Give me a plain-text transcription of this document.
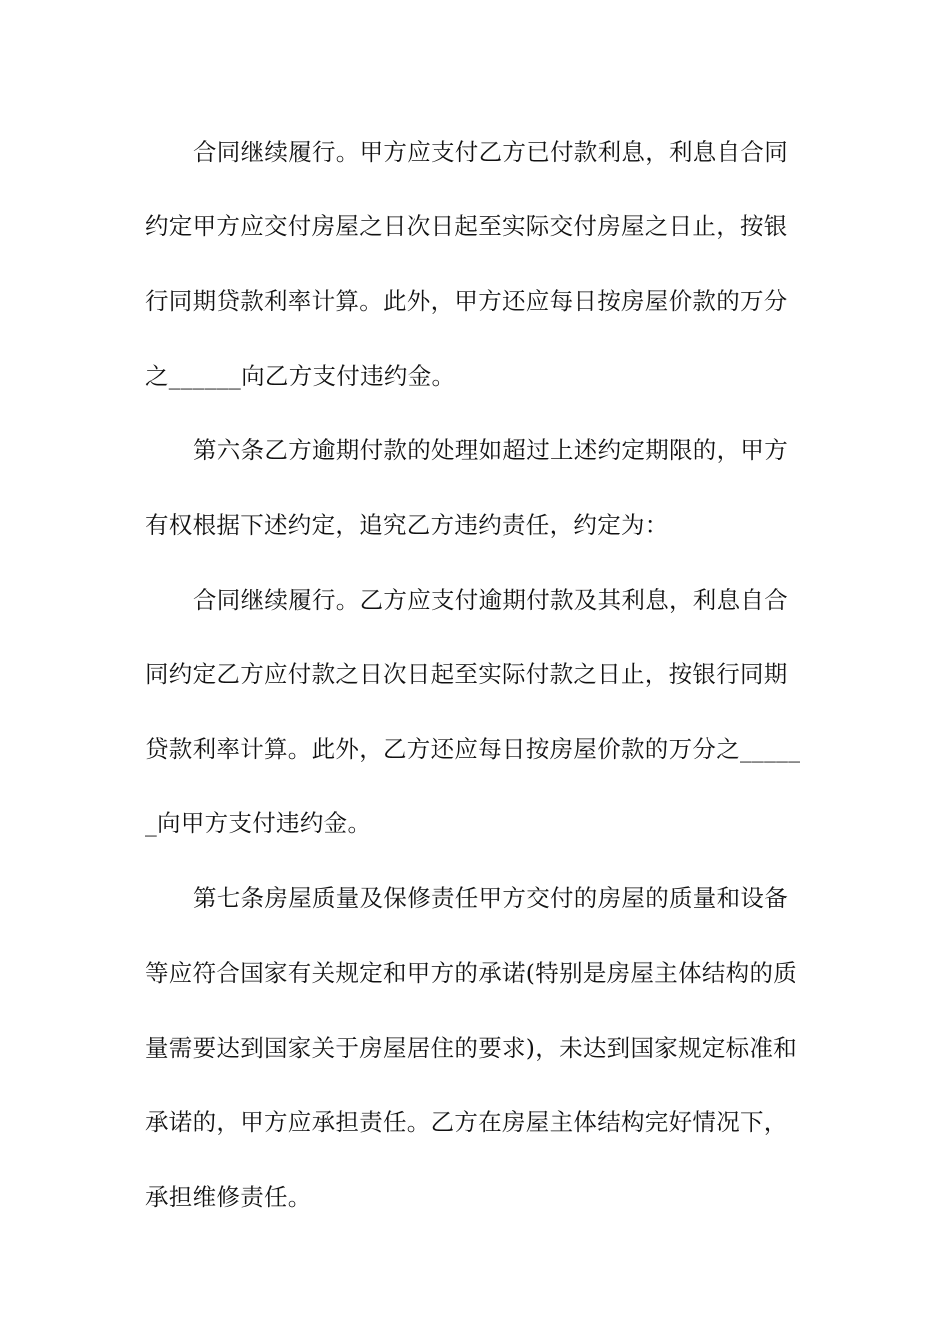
合同继续履行。甲方应支付乙方已付款利息，利息自合同
约定甲方应交付房屋之日次日起至实际交付房屋之日止，按银
行同期贷款利率计算。此外，甲方还应每日按房屋价款的万分
之______向乙方支付违约金。
第六条乙方逾期付款的处理如超过上述约定期限的，甲方
有权根据下述约定，追究乙方违约责任，约定为：
合同继续履行。乙方应支付逾期付款及其利息，利息自合
同约定乙方应付款之日次日起至实际付款之日止，按银行同期
贷款利率计算。此外，乙方还应每日按房屋价款的万分之_____
_向甲方支付违约金。
第七条房屋质量及保修责任甲方交付的房屋的质量和设备
等应符合国家有关规定和甲方的承诺(特别是房屋主体结构的质
量需要达到国家关于房屋居住的要求)，未达到国家规定标准和
承诺的，甲方应承担责任。乙方在房屋主体结构完好情况下，
承担维修责任。
